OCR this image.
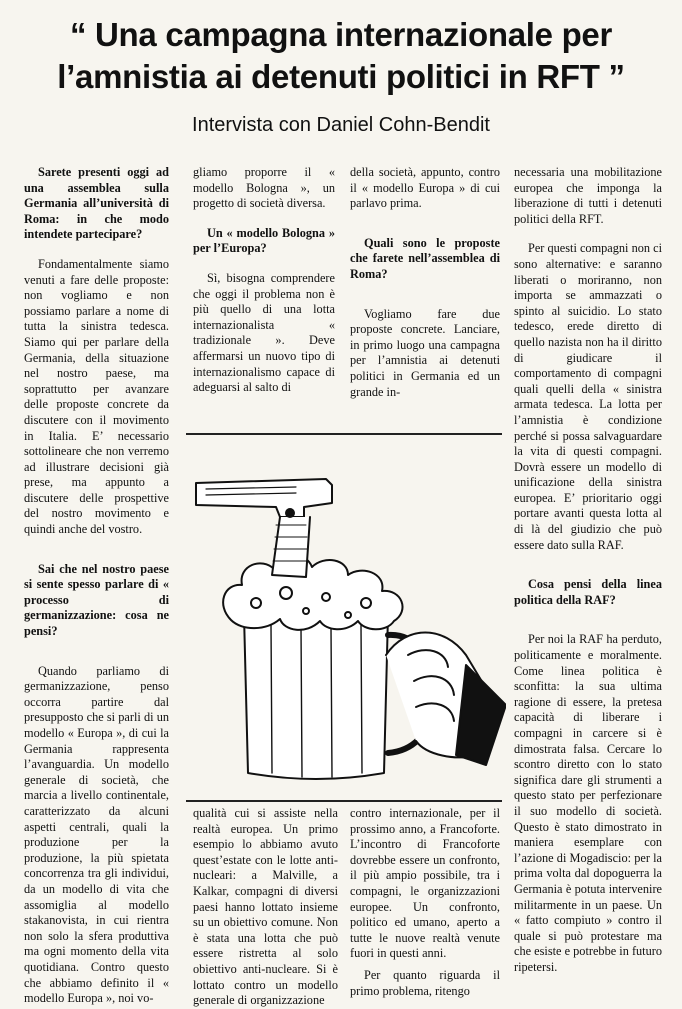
“ Una campagna internazionale per
l’amnistia ai detenuti politici in RFT ”
Intervista con Daniel Cohn-Bendit

Sarete presenti oggi ad una assemblea sulla Germania all’università di Roma: in che modo intendete partecipare?

Fondamentalmente siamo venuti a fare delle proposte: non vogliamo e non possiamo parlare a nome di tutta la sinistra tedesca. Siamo qui per parlare della Germania, della situazione nel nostro paese, ma soprattutto per avanzare delle proposte concrete da discutere con il movimento in Italia. E’ necessario sottolineare che non verremo ad illustrare decisioni già prese, ma appunto a discutere delle prospettive del nostro movimento e quindi anche del vostro.

Sai che nel nostro paese si sente spesso parlare di « processo di germanizzazione: cosa ne pensi?

Quando parliamo di germanizzazione, penso occorra partire dal presupposto che si parli di un modello « Europa », di cui la Germania rappresenta l’avanguardia. Un modello generale di società, che marcia a livello continentale, caratterizzato da alcuni aspetti centrali, quali la produzione per la produzione, la più spietata concorrenza tra gli individui, da un modello di vita che assomiglia al modello stakanovista, in cui rientra non solo la sfera produttiva ma ogni momento della vita quotidiana. Contro questo che abbiamo definito il « modello Europa », noi vo-

gliamo proporre il « modello Bologna », un progetto di società diversa.

Un « modello Bologna » per l’Europa?

Sì, bisogna comprendere che oggi il problema non è più quello di una lotta internazionalista « tradizionale ». Deve affermarsi un nuovo tipo di internazionalismo capace di adeguarsi al salto di

della società, appunto, contro il « modello Europa » di cui parlavo prima.

Quali sono le proposte che farete nell’assemblea di Roma?

Vogliamo fare due proposte concrete. Lanciare, in primo luogo una campagna per l’amnistia ai detenuti politici in Germania ed un grande in-

necessaria una mobilitazione europea che imponga la liberazione di tutti i detenuti politici della RFT.

Per questi compagni non ci sono alternative: e saranno liberati o moriranno, non importa se ammazzati o spinto al suicidio. Lo stato tedesco, erede diretto di quello nazista non ha il diritto di giudicare il comportamento di compagni quali quelli della « sinistra armata tedesca. La lotta per l’amnistia è condizione perché si possa salvaguardare la vita di questi compagni. Dovrà essere un modello di unificazione della sinistra europea. E’ prioritario oggi portare avanti questa lotta al di là del giudizio che può essere dato sulla RAF.

Cosa pensi della linea politica della RAF?

Per noi la RAF ha perduto, politicamente e moralmente. Come linea politica è sconfitta: la sua ultima ragione di essere, la pretesa capacità di liberare i compagni in carcere si è dimostrata falsa. Cercare lo scontro diretto con lo stato significa dare gli strumenti a questo stato per perfezionare il suo modello di società. Questo è stato dimostrato in maniera esemplare con l’azione di Mogadiscio: per la prima volta dal dopoguerra la Germania è potuta intervenire militarmente in un paese. Un « fatto compiuto » contro il quale si può protestare ma che esiste e potrebbe in futuro ripetersi.

qualità cui si assiste nella realtà europea. Un primo esempio lo abbiamo avuto quest’estate con le lotte anti-nucleari: a Malville, a Kalkar, compagni di diversi paesi hanno lottato insieme su un obiettivo comune. Non è stata una lotta che può essere ristretta al solo obiettivo anti-nucleare. Si è lottato contro un modello generale di organizzazione

contro internazionale, per il prossimo anno, a Francoforte. L’incontro di Francoforte dovrebbe essere un confronto, il più ampio possibile, tra i compagni, le organizzazioni europee. Un confronto, politico ed umano, aperto a tutte le nuove realtà venute fuori in questi anni.

Per quanto riguarda il primo problema, ritengo
